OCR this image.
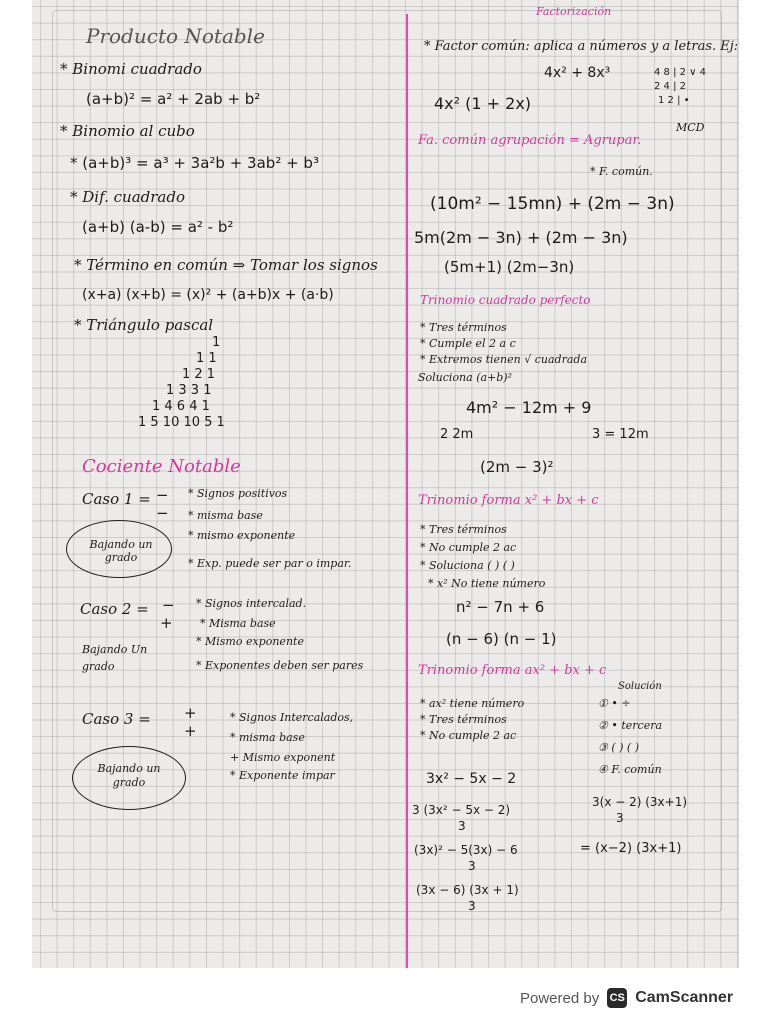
Producto Notable
* Binomi cuadrado
(a+b)² = a² + 2ab + b²
* Binomio al cubo
* (a+b)³ = a³ + 3a²b + 3ab² + b³
* Dif. cuadrado
(a+b) (a-b) = a² - b²
* Término en común ⇒ Tomar los signos
(x+a) (x+b) = (x)² + (a+b)x + (a·b)
* Triángulo pascal
1
1 1
1 2 1
1 3 3 1
1 4 6 4 1
1 5 10 10 5 1
Cociente Notable
Caso 1 = −
−
* Signos positivos
* misma base
* mismo exponente
* Exp. puede ser par o impar.
Bajando un grado
Caso 2 = −
+
* Signos intercalad.
* Misma base
* Mismo exponente
* Exponentes deben ser pares
Bajando Un grado
Caso 3 = +
+
* Signos Intercalados,
* misma base
+ Mismo exponent
* Exponente impar
Bajando un grado
Factorización
* Factor común: aplica a números y a letras. Ej:
4x² + 8x³
4x² (1 + 2x)
4 8 | 2 ∨ 4
2 4 | 2
1 2 | •
MCD
Fa. común agrupación = Agrupar.
* F. común.
(10m² − 15mn) + (2m − 3n)
5m(2m − 3n) + (2m − 3n)
(5m+1) (2m−3n)
Trinomio cuadrado perfecto
* Tres términos
* Cumple el 2 a c
* Extremos tienen √ cuadrada
Soluciona (a+b)²
4m² − 12m + 9
2 2m	3 = 12m
(2m − 3)²
Trinomio forma x² + bx + c
* Tres términos
* No cumple 2 ac
* Soluciona ( ) ( )
* x² No tiene número
n² − 7n + 6
(n − 6) (n − 1)
Trinomio forma ax² + bx + c
* ax² tiene número
* Tres términos
* No cumple 2 ac
Solución
① • ÷
② • tercera
③ ( ) ( )
④ F. común
3x² − 5x − 2
3 (3x² − 5x − 2)
3
(3x)² − 5(3x) − 6
3
(3x − 6) (3x + 1)
3
3(x − 2) (3x+1)
3
= (x−2) (3x+1)
Powered by CS CamScanner
